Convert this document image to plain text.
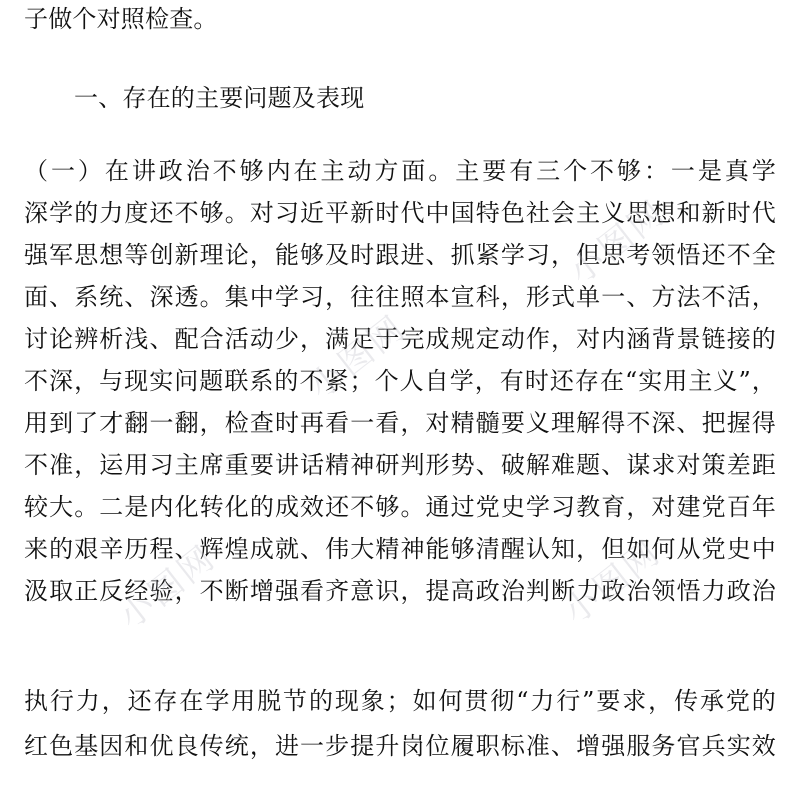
子做个对照检查。
一、存在的主要问题及表现
（一）在讲政治不够内在主动方面。主要有三个不够：一是真学
深学的力度还不够。对习近平新时代中国特色社会主义思想和新时代
强军思想等创新理论，能够及时跟进、抓紧学习，但思考领悟还不全
面、系统、深透。集中学习，往往照本宣科，形式单一、方法不活，
讨论辨析浅、配合活动少，满足于完成规定动作，对内涵背景链接的
不深，与现实问题联系的不紧；个人自学，有时还存在“实用主义”，
用到了才翻一翻，检查时再看一看，对精髓要义理解得不深、把握得
不准，运用习主席重要讲话精神研判形势、破解难题、谋求对策差距
较大。二是内化转化的成效还不够。通过党史学习教育，对建党百年
来的艰辛历程、辉煌成就、伟大精神能够清醒认知，但如何从党史中
汲取正反经验，不断增强看齐意识，提高政治判断力政治领悟力政治
执行力，还存在学用脱节的现象；如何贯彻“力行”要求，传承党的
红色基因和优良传统，进一步提升岗位履职标准、增强服务官兵实效
小图网
小图网
小图网
小图网
